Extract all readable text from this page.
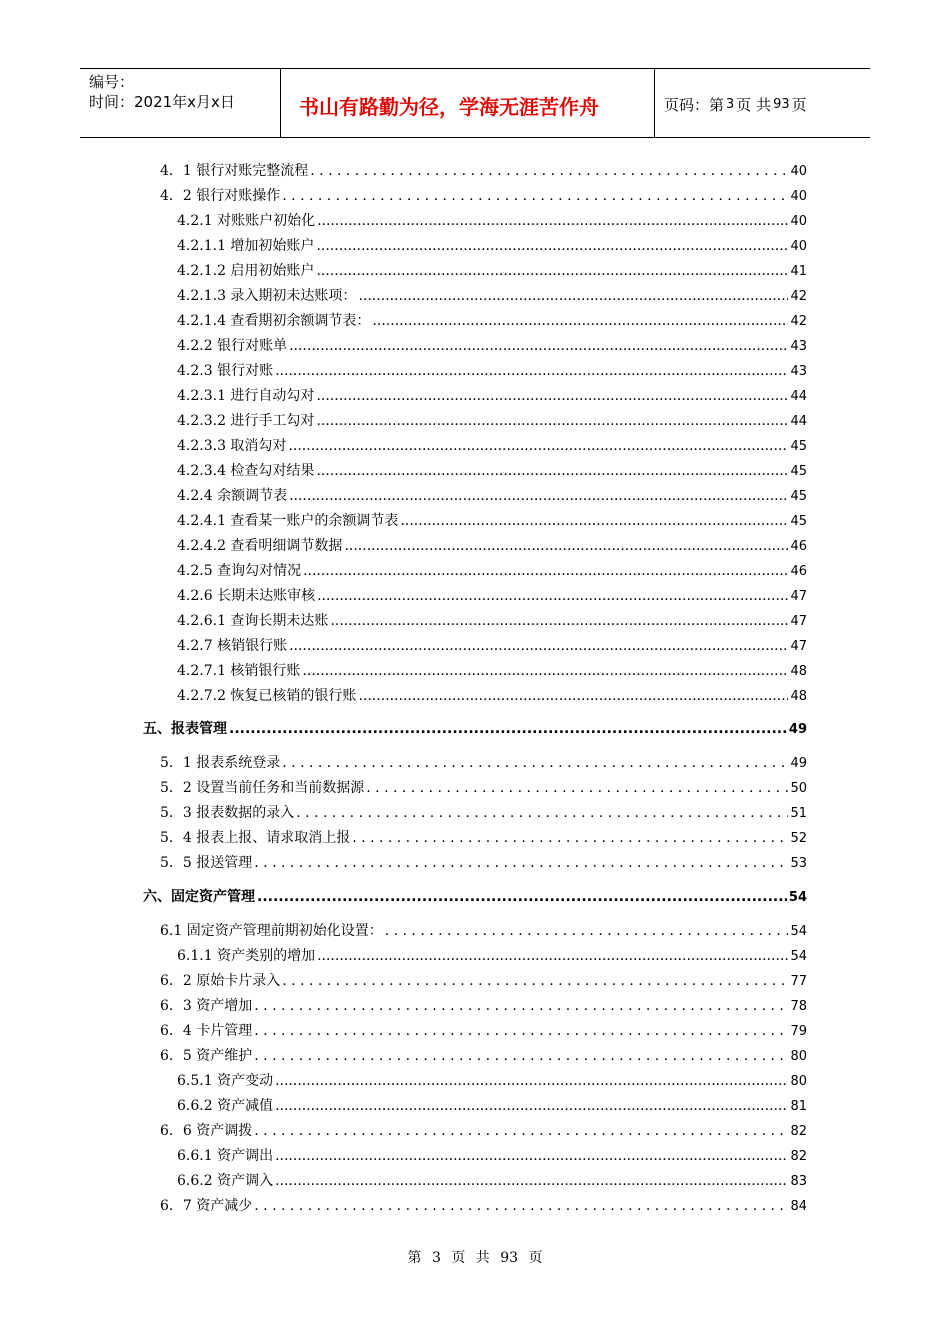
编号：
时间：2021年x月x日	书山有路勤为径，学海无涯苦作舟	页码：第 3 页 共 93 页
4．1 银行对账完整流程 . . .	40
4．2 银行对账操作 . . .	40
4.2.1 对账账户初始化 .....	40
4.2.1.1 增加初始账户 .....	40
4.2.1.2 启用初始账户 .....	41
4.2.1.3 录入期初未达账项： .....	42
4.2.1.4 查看期初余额调节表： .....	42
4.2.2 银行对账单 .....	43
4.2.3 银行对账 .....	43
4.2.3.1 进行自动勾对 .....	44
4.2.3.2 进行手工勾对 .....	44
4.2.3.3 取消勾对 .....	45
4.2.3.4 检查勾对结果 .....	45
4.2.4 余额调节表 .....	45
4.2.4.1 查看某一账户的余额调节表 .....	45
4.2.4.2 查看明细调节数据 .....	46
4.2.5 查询勾对情况 .....	46
4.2.6 长期未达账审核 .....	47
4.2.6.1 查询长期未达账 .....	47
4.2.7 核销银行账 .....	47
4.2.7.1 核销银行账 .....	48
4.2.7.2 恢复已核销的银行账 .....	48
五、报表管理 .....	49
5．1 报表系统登录 . . .	49
5．2 设置当前任务和当前数据源 . . .	50
5．3 报表数据的录入 . . .	51
5．4 报表上报、请求取消上报 . . .	52
5．5 报送管理 . . .	53
六、固定资产管理 .....	54
6.1 固定资产管理前期初始化设置： . . .	54
6.1.1 资产类别的增加 .....	54
6．2 原始卡片录入 . . .	77
6．3 资产增加 . . .	78
6．4 卡片管理 . . .	79
6．5 资产维护 . . .	80
6.5.1 资产变动 .....	80
6.6.2 资产减值 .....	81
6．6 资产调拨 . . .	82
6.6.1 资产调出 .....	82
6.6.2 资产调入 .....	83
6．7 资产减少 . . .	84
第 3 页 共 93 页
